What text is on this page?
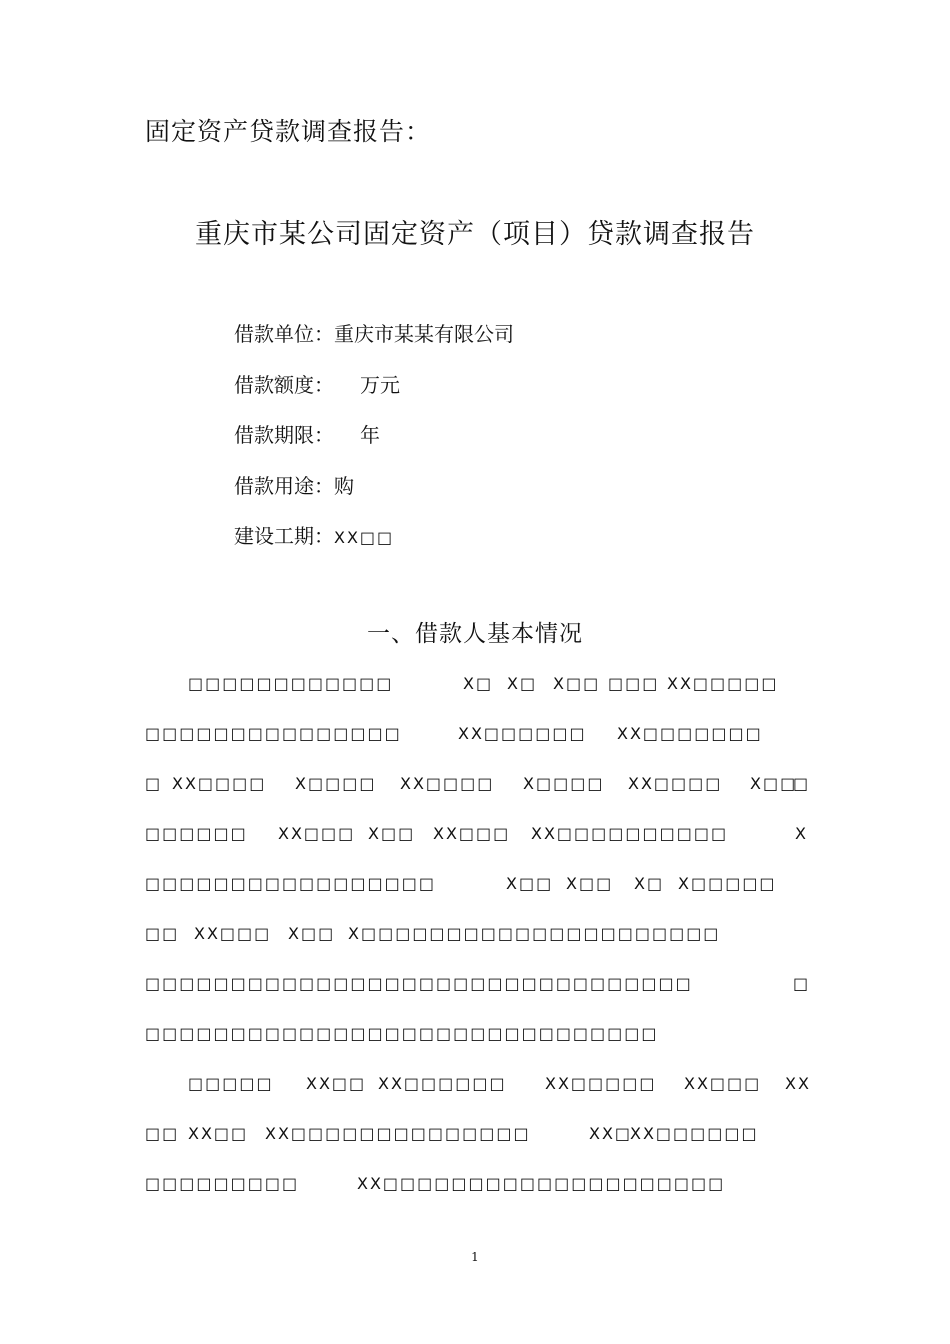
固定资产贷款调查报告：
重庆市某公司固定资产（项目）贷款调查报告
借款单位：重庆市某某有限公司
借款额度： 万元
借款期限： 年
借款用途：购
建设工期：XX□□
一、借款人基本情况
□□□□□□□□□□□□	X□ X□ X□□ □□□ XX□□□□□
□□□□□□□□□□□□□□□	XX□□□□□□ XX□□□□□□□
□ XX□□□□ X□□□□ XX□□□□ X□□□□ XX□□□□ X□□
□
□□□□□□ XX□□□ X□□ XX□□□ XX□□□□□□□□□□	X
□□□□□□□□□□□□□□□□□	X□□ X□□ X□ X□□□□□
□□ XX□□□ X□□ X□□□□□□□□□□□□□□□□□□□□□
□□□□□□□□□□□□□□□□□□□□□□□□□□□□□□□□	□
□□□□□□□□□□□□□□□□□□□□□□□□□□□□□□
□□□□□ XX□□ XX□□□□□□ XX□□□□□ XX□□□ XX
□□ XX□□ XX□□□□□□□□□□□□□□	XX□
XX□□□□□□
□□□□□□□□□	XX□□□□□□□□□□□□□□□□□□□□
1
